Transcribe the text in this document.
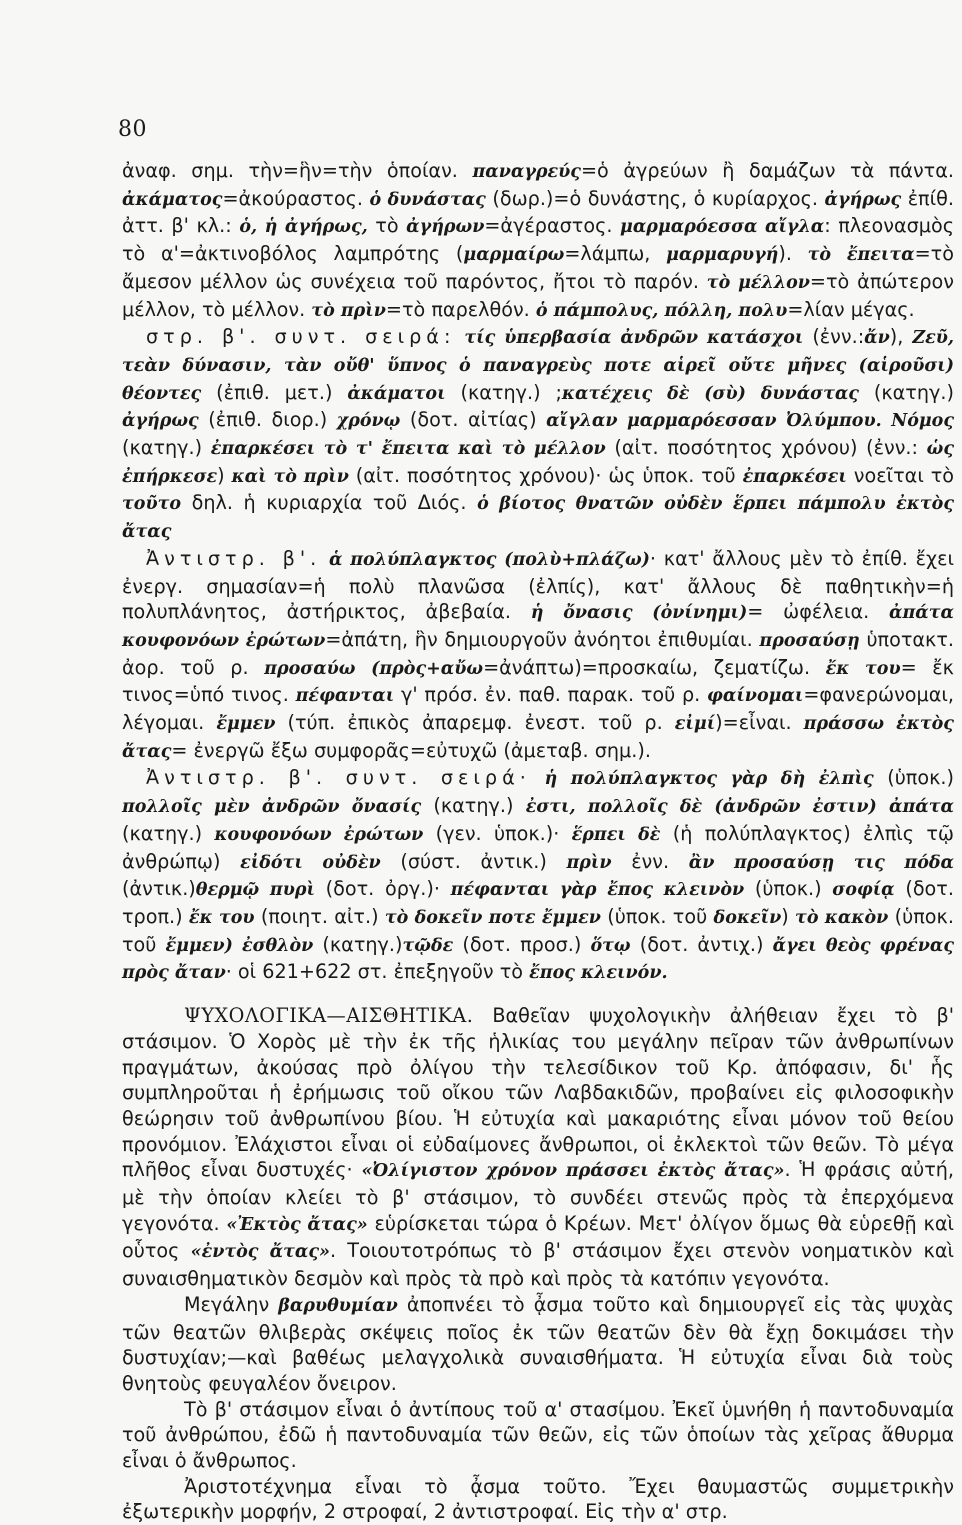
80

ἀναφ. σημ. τὴν=ἣν=τὴν ὁποίαν. παναγρεύς=ὁ ἀγρεύων ἢ δαμάζων τὰ πάντα. ἀκάματος=ἀκούραστος. ὁ δυνάστας (δωρ.)=ὁ δυνάστης, ὁ κυρίαρχος. ἀγήρως ἐπίθ. ἀττ. β' κλ.: ὁ, ἡ ἀγήρως, τὸ ἀγήρων=ἀγέραστος. μαρμαρόεσσα αἴγλα: πλεονασμὸς τὸ α'=ἀκτινοβόλος λαμπρότης (μαρμαίρω=λάμπω, μαρμαρυγή). τὸ ἔπειτα=τὸ ἄμεσον μέλλον ὡς συνέχεια τοῦ παρόντος, ἤτοι τὸ παρόν. τὸ μέλλον=τὸ ἀπώτερον μέλλον, τὸ μέλλον. τὸ πρὶν=τὸ παρελθόν. ὁ πάμπολυς, πόλλη, πολυ=λίαν μέγας.

στρ. β'. συντ. σειρά: τίς ὑπερβασία ἀνδρῶν κατάσχοι (ἐνν.:ἄν), Ζεῦ, τεὰν δύνασιν, τὰν οὔθ' ὕπνος ὁ παναγρεὺς ποτε αἱρεῖ οὔτε μῆνες (αἱροῦσι) θέοντες (ἐπιθ. μετ.) ἀκάματοι (κατηγ.) ;κατέχεις δὲ (σὺ) δυνάστας (κατηγ.) ἀγήρως (ἐπιθ. διορ.) χρόνῳ (δοτ. αἰτίας) αἴγλαν μαρμαρόεσσαν Ὀλύμπου. Νόμος (κατηγ.) ἐπαρκέσει τὸ τ' ἔπειτα καὶ τὸ μέλλον (αἰτ. ποσότητος χρόνου) (ἐνν.: ὡς ἐπήρκεσε) καὶ τὸ πρὶν (αἰτ. ποσότητος χρόνου)· ὡς ὑποκ. τοῦ ἐπαρκέσει νοεῖται τὸ τοῦτο δηλ. ἡ κυριαρχία τοῦ Διός. ὁ βίοτος θνατῶν οὐδὲν ἕρπει πάμπολυ ἐκτὸς ἄτας

Ἀντιστρ. β'. ἁ πολύπλαγκτος (πολὺ+πλάζω)· κατ' ἄλλους μὲν τὸ ἐπίθ. ἔχει ἐνεργ. σημασίαν=ἡ πολὺ πλανῶσα (ἐλπίς), κατ' ἄλλους δὲ παθητικὴν=ἡ πολυπλάνητος, ἀστήρικτος, ἀβεβαία. ἡ ὄνασις (ὀνίνημι)= ὠφέλεια. ἀπάτα κουφονόων ἐρώτων=ἀπάτη, ἣν δημιουργοῦν ἀνόητοι ἐπιθυμίαι. προσαύσῃ ὑποτακτ. ἀορ. τοῦ ρ. προσαύω (πρὸς+αὔω=ἀνάπτω)=προσκαίω, ζεματίζω. ἔκ του= ἔκ τινος=ὑπό τινος. πέφανται γ' πρόσ. ἐν. παθ. παρακ. τοῦ ρ. φαίνομαι=φανερώνομαι, λέγομαι. ἔμμεν (τύπ. ἐπικὸς ἀπαρεμφ. ἐνεστ. τοῦ ρ. εἰμί)=εἶναι. πράσσω ἐκτὸς ἄτας= ἐνεργῶ ἔξω συμφορᾶς=εὐτυχῶ (ἀμεταβ. σημ.).

Ἀντιστρ. β'. συντ. σειρά· ἡ πολύπλαγκτος γὰρ δὴ ἐλπὶς (ὑποκ.) πολλοῖς μὲν ἀνδρῶν ὄνασίς (κατηγ.) ἐστι, πολλοῖς δὲ (ἀνδρῶν ἐστιν) ἀπάτα (κατηγ.) κουφονόων ἐρώτων (γεν. ὑποκ.)· ἕρπει δὲ (ἡ πολύπλαγκτος) ἐλπὶς τῷ ἀνθρώπῳ) εἰδότι οὐδὲν (σύστ. ἀντικ.) πρὶν ἐνν. ἂν προσαύσῃ τις πόδα (ἀντικ.)θερμῷ πυρὶ (δοτ. ὀργ.)· πέφανται γὰρ ἔπος κλεινὸν (ὑποκ.) σοφίᾳ (δοτ. τροπ.) ἔκ του (ποιητ. αἰτ.) τὸ δοκεῖν ποτε ἔμμεν (ὑποκ. τοῦ δοκεῖν) τὸ κακὸν (ὑποκ. τοῦ ἔμμεν) ἐσθλὸν (κατηγ.)τῷδε (δοτ. προσ.) ὅτῳ (δοτ. ἀντιχ.) ἄγει θεὸς φρένας πρὸς ἄταν· οἱ 621+622 στ. ἐπεξηγοῦν τὸ ἔπος κλεινόν.

ΨΥΧΟΛΟΓΙΚΑ—ΑΙΣΘΗΤΙΚΑ. Βαθεῖαν ψυχολογικὴν ἀλήθειαν ἔχει τὸ β' στάσιμον. Ὁ Χορὸς μὲ τὴν ἐκ τῆς ἡλικίας του μεγάλην πεῖραν τῶν ἀνθρωπίνων πραγμάτων, ἀκούσας πρὸ ὀλίγου τὴν τελεσίδικον τοῦ Κρ. ἀπόφασιν, δι' ἧς συμπληροῦται ἡ ἐρήμωσις τοῦ οἴκου τῶν Λαβδακιδῶν, προβαίνει εἰς φιλοσοφικὴν θεώρησιν τοῦ ἀνθρωπίνου βίου. Ἡ εὐτυχία καὶ μακαριότης εἶναι μόνον τοῦ θείου προνόμιον. Ἐλάχιστοι εἶναι οἱ εὐδαίμονες ἄνθρωποι, οἱ ἐκλεκτοὶ τῶν θεῶν. Τὸ μέγα πλῆθος εἶναι δυστυχές· «Ὀλίγιστον χρόνον πράσσει ἐκτὸς ἄτας». Ἡ φράσις αὐτή, μὲ τὴν ὁποίαν κλείει τὸ β' στάσιμον, τὸ συνδέει στενῶς πρὸς τὰ ἐπερχόμενα γεγονότα. «Ἐκτὸς ἄτας» εὑρίσκεται τώρα ὁ Κρέων. Μετ' ὀλίγον ὅμως θὰ εὑρεθῇ καὶ οὗτος «ἐντὸς ἄτας». Τοιουτοτρόπως τὸ β' στάσιμον ἔχει στενὸν νοηματικὸν καὶ συναισθηματικὸν δεσμὸν καὶ πρὸς τὰ πρὸ καὶ πρὸς τὰ κατόπιν γεγονότα.

Μεγάλην βαρυθυμίαν ἀποπνέει τὸ ᾆσμα τοῦτο καὶ δημιουργεῖ εἰς τὰς ψυχὰς τῶν θεατῶν θλιβερὰς σκέψεις ποῖος ἐκ τῶν θεατῶν δὲν θὰ ἔχῃ δοκιμάσει τὴν δυστυχίαν;—καὶ βαθέως μελαγχολικὰ συναισθήματα. Ἡ εὐτυχία εἶναι διὰ τοὺς θνητοὺς φευγαλέον ὄνειρον.

Τὸ β' στάσιμον εἶναι ὁ ἀντίπους τοῦ α' στασίμου. Ἐκεῖ ὑμνήθη ἡ παντοδυναμία τοῦ ἀνθρώπου, ἐδῶ ἡ παντοδυναμία τῶν θεῶν, εἰς τῶν ὁποίων τὰς χεῖρας ἄθυρμα εἶναι ὁ ἄνθρωπος.

Ἀριστοτέχνημα εἶναι τὸ ᾆσμα τοῦτο. Ἔχει θαυμαστῶς συμμετρικὴν ἐξωτερικὴν μορφήν, 2 στροφαί, 2 ἀντιστροφαί. Εἰς τὴν α' στρ.
